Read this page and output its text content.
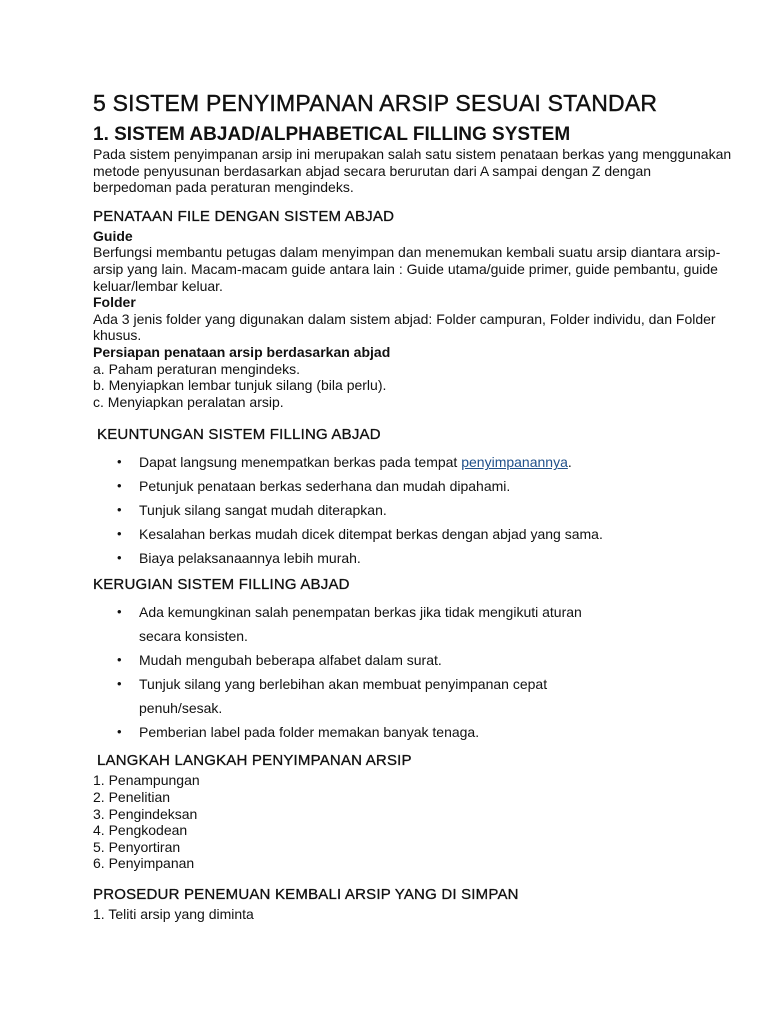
5 SISTEM PENYIMPANAN ARSIP SESUAI STANDAR
1. SISTEM ABJAD/ALPHABETICAL FILLING SYSTEM

Pada sistem penyimpanan arsip ini merupakan salah satu sistem penataan berkas yang menggunakan metode penyusunan berdasarkan abjad secara berurutan dari A sampai dengan Z dengan berpedoman pada peraturan mengindeks.

PENATAAN FILE DENGAN SISTEM ABJAD

Guide

Berfungsi membantu petugas dalam menyimpan dan menemukan kembali suatu arsip diantara arsip-arsip yang lain. Macam-macam guide antara lain : Guide utama/guide primer, guide pembantu, guide keluar/lembar keluar.

Folder

Ada 3 jenis folder yang digunakan dalam sistem abjad: Folder campuran, Folder individu, dan Folder khusus.

Persiapan penataan arsip berdasarkan abjad

a. Paham peraturan mengindeks.
b. Menyiapkan lembar tunjuk silang (bila perlu).
c. Menyiapkan peralatan arsip.
KEUNTUNGAN SISTEM FILLING ABJAD
• Dapat langsung menempatkan berkas pada tempat penyimpanannya.
• Petunjuk penataan berkas sederhana dan mudah dipahami.
• Tunjuk silang sangat mudah diterapkan.
• Kesalahan berkas mudah dicek ditempat berkas dengan abjad yang sama.
• Biaya pelaksanaannya lebih murah.
KERUGIAN SISTEM FILLING ABJAD
• Ada kemungkinan salah penempatan berkas jika tidak mengikuti aturan secara konsisten.
• Mudah mengubah beberapa alfabet dalam surat.
• Tunjuk silang yang berlebihan akan membuat penyimpanan cepat penuh/sesak.
• Pemberian label pada folder memakan banyak tenaga.
LANGKAH LANGKAH PENYIMPANAN ARSIP
1. Penampungan
2. Penelitian
3. Pengindeksan
4. Pengkodean
5. Penyortiran
6. Penyimpanan
PROSEDUR PENEMUAN KEMBALI ARSIP YANG DI SIMPAN
1. Teliti arsip yang diminta
